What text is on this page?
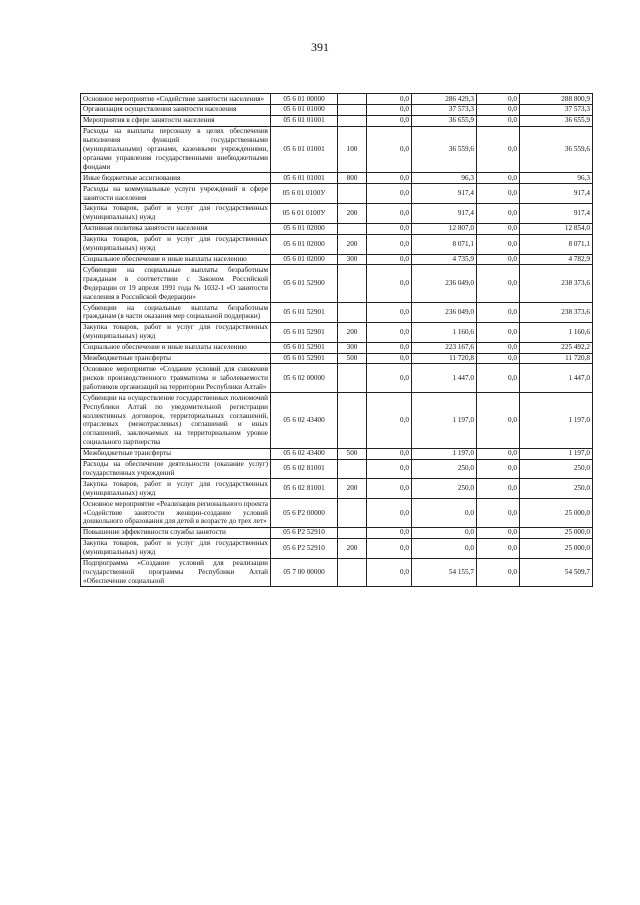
391
Основное мероприятие «Содействие занятости населения»	05 6 01 00000		0,0	286 429,3	0,0	288 800,9
Организация осуществления занятости населения	05 6 01 01000		0,0	37 573,3	0,0	37 573,3
Мероприятия в сфере занятости населения	05 6 01 01001		0,0	36 655,9	0,0	36 655,9
Расходы на выплаты персоналу в целях обеспечения выполнения функций государственными (муниципальными) органами, казенными учреждениями, органами управления государственными внебюджетными фондами	05 6 01 01001	100	0,0	36 559,6	0,0	36 559,6
Иные бюджетные ассигнования	05 6 01 01001	800	0,0	96,3	0,0	96,3
Расходы на коммунальные услуги учреждений в сфере занятости населения	05 6 01 0100У		0,0	917,4	0,0	917,4
Закупка товаров, работ и услуг для государственных (муниципальных) нужд	05 6 01 0100У	200	0,0	917,4	0,0	917,4
Активная политика занятости населения	05 6 01 02000		0,0	12 807,0	0,0	12 854,0
Закупка товаров, работ и услуг для государственных (муниципальных) нужд	05 6 01 02000	200	0,0	8 071,1	0,0	8 071,1
Социальное обеспечение и иные выплаты населению	05 6 01 02000	300	0,0	4 735,9	0,0	4 782,9
Субвенции на социальные выплаты безработным гражданам в соответствии с Законом Российской Федерации от 19 апреля 1991 года № 1032-1 «О занятости населения в Российской Федерации»	05 6 01 52900		0,0	236 049,0	0,0	238 373,6
Субвенции на социальные выплаты безработным гражданам (в части оказания мер социальной поддержки)	05 6 01 52901		0,0	236 049,0	0,0	238 373,6
Закупка товаров, работ и услуг для государственных (муниципальных) нужд	05 6 01 52901	200	0,0	1 160,6	0,0	1 160,6
Социальное обеспечение и иные выплаты населению	05 6 01 52901	300	0,0	223 167,6	0,0	225 492,2
Межбюджетные трансферты	05 6 01 52901	500	0,0	11 720,8	0,0	11 720,8
Основное мероприятие «Создание условий для снижения рисков производственного травматизма и заболеваемости работников организаций на территории Республики Алтай»	05 6 02 00000		0,0	1 447,0	0,0	1 447,0
Субвенции на осуществление государственных полномочий Республики Алтай по уведомительной регистрации коллективных договоров, территориальных соглашений, отраслевых (межотраслевых) соглашений и иных соглашений, заключаемых на территориальном уровне социального партнерства	05 6 02 43400		0,0	1 197,0	0,0	1 197,0
Межбюджетные трансферты	05 6 02 43400	500	0,0	1 197,0	0,0	1 197,0
Расходы на обеспечение деятельности (оказание услуг) государственных учреждений	05 6 02 81001		0,0	250,0	0,0	250,0
Закупка товаров, работ и услуг для государственных (муниципальных) нужд	05 6 02 81001	200	0,0	250,0	0,0	250,0
Основное мероприятие «Реализация регионального проекта «Содействие занятости женщин-создание условий дошкольного образования для детей в возрасте до трех лет»	05 6 P2 00000		0,0	0,0	0,0	25 000,0
Повышение эффективности службы занятости	05 6 P2 52910		0,0	0,0	0,0	25 000,0
Закупка товаров, работ и услуг для государственных (муниципальных) нужд	05 6 P2 52910	200	0,0	0,0	0,0	25 000,0
Подпрограмма «Создание условий для реализации государственной программы Республики Алтай «Обеспечение социальной	05 7 00 00000		0,0	54 155,7	0,0	54 509,7
